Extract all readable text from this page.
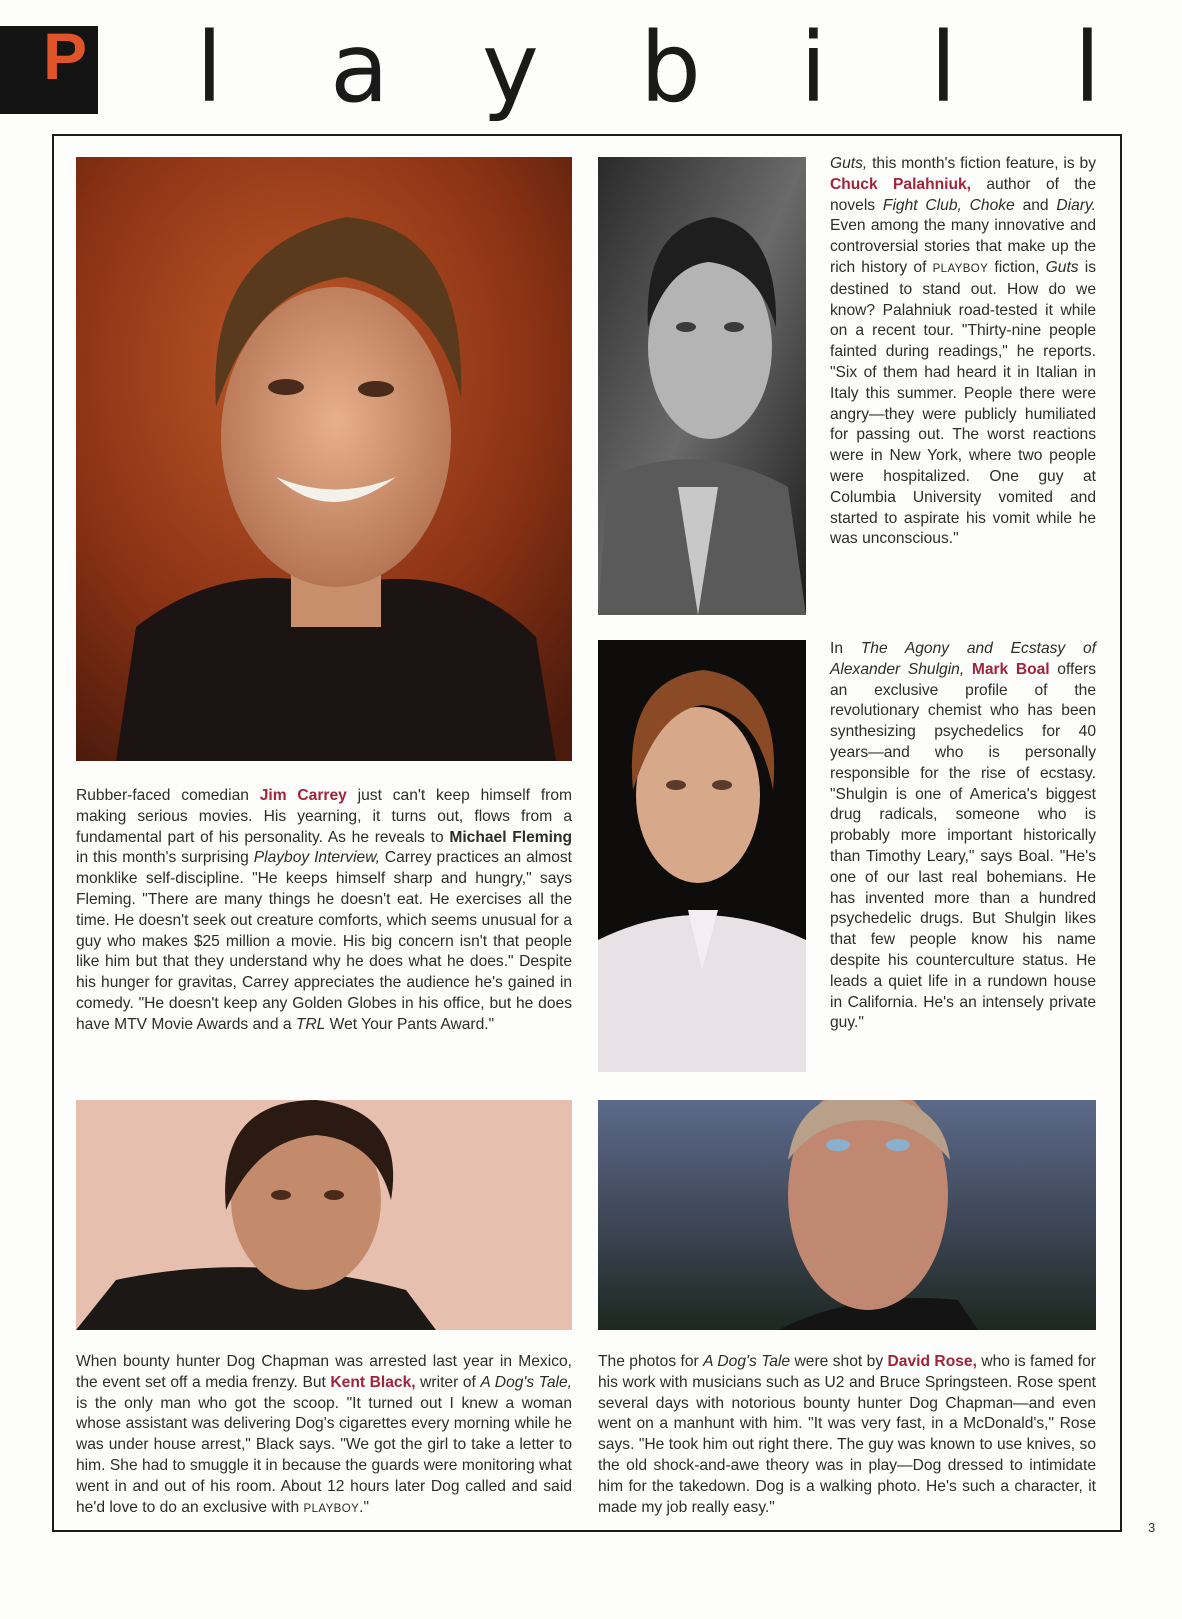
P l a y b i l l

Guts, this month's fiction feature, is by Chuck Palahniuk, author of the novels Fight Club, Choke and Diary. Even among the many innovative and controversial stories that make up the rich history of PLAYBOY fiction, Guts is destined to stand out. How do we know? Palahniuk road-tested it while on a recent tour. "Thirty-nine people fainted during readings," he reports. "Six of them had heard it in Italian in Italy this summer. People there were angry—they were publicly humiliated for passing out. The worst reactions were in New York, where two people were hospitalized. One guy at Columbia University vomited and started to aspirate his vomit while he was unconscious."

In The Agony and Ecstasy of Alexander Shulgin, Mark Boal offers an exclusive profile of the revolutionary chemist who has been synthesizing psychedelics for 40 years—and who is personally responsible for the rise of ecstasy. "Shulgin is one of America's biggest drug radicals, someone who is probably more important historically than Timothy Leary," says Boal. "He's one of our last real bohemians. He has invented more than a hundred psychedelic drugs. But Shulgin likes that few people know his name despite his counterculture status. He leads a quiet life in a rundown house in California. He's an intensely private guy."

Rubber-faced comedian Jim Carrey just can't keep himself from making serious movies. His yearning, it turns out, flows from a fundamental part of his personality. As he reveals to Michael Fleming in this month's surprising Playboy Interview, Carrey practices an almost monklike self-discipline. "He keeps himself sharp and hungry," says Fleming. "There are many things he doesn't eat. He exercises all the time. He doesn't seek out creature comforts, which seems unusual for a guy who makes $25 million a movie. His big concern isn't that people like him but that they understand why he does what he does." Despite his hunger for gravitas, Carrey appreciates the audience he's gained in comedy. "He doesn't keep any Golden Globes in his office, but he does have MTV Movie Awards and a TRL Wet Your Pants Award."

When bounty hunter Dog Chapman was arrested last year in Mexico, the event set off a media frenzy. But Kent Black, writer of A Dog's Tale, is the only man who got the scoop. "It turned out I knew a woman whose assistant was delivering Dog's cigarettes every morning while he was under house arrest," Black says. "We got the girl to take a letter to him. She had to smuggle it in because the guards were monitoring what went in and out of his room. About 12 hours later Dog called and said he'd love to do an exclusive with PLAYBOY."

The photos for A Dog's Tale were shot by David Rose, who is famed for his work with musicians such as U2 and Bruce Springsteen. Rose spent several days with notorious bounty hunter Dog Chapman—and even went on a manhunt with him. "It was very fast, in a McDonald's," Rose says. "He took him out right there. The guy was known to use knives, so the old shock-and-awe theory was in play—Dog dressed to intimidate him for the takedown. Dog is a walking photo. He's such a character, it made my job really easy."

3
